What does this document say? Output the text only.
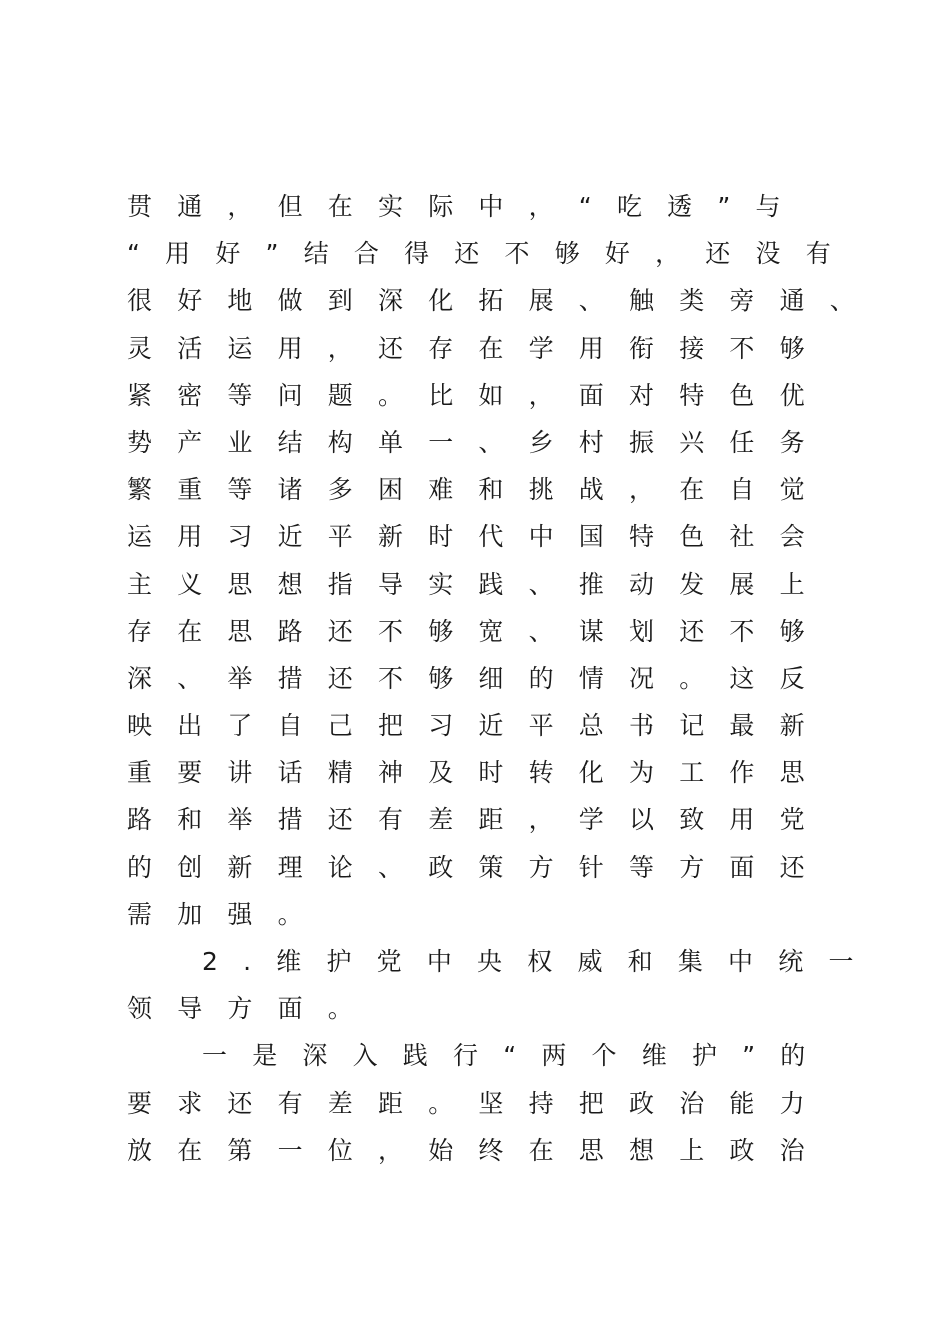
贯通，但在实际中，“吃透”与
“用好”结合得还不够好，还没有
很好地做到深化拓展、触类旁通、
灵活运用，还存在学用衔接不够
紧密等问题。比如，面对特色优
势产业结构单一、乡村振兴任务
繁重等诸多困难和挑战，在自觉
运用习近平新时代中国特色社会
主义思想指导实践、推动发展上
存在思路还不够宽、谋划还不够
深、举措还不够细的情况。这反
映出了自己把习近平总书记最新
重要讲话精神及时转化为工作思
路和举措还有差距，学以致用党
的创新理论、政策方针等方面还
需加强。
2.维护党中央权威和集中统一
领导方面。
一是深入践行“两个维护”的
要求还有差距。坚持把政治能力
放在第一位，始终在思想上政治
